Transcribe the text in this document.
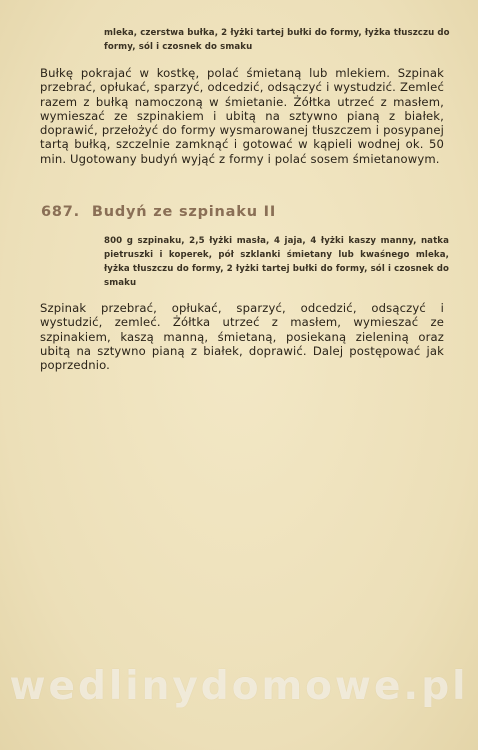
mleka, czerstwa bułka, 2 łyżki tartej bułki do formy, łyżka tłuszczu do formy, sól i czosnek do smaku
Bułkę pokrajać w kostkę, polać śmietaną lub mlekiem. Szpinak przebrać, opłukać, sparzyć, odcedzić, odsączyć i wystudzić. Zemleć razem z bułką namoczoną w śmietanie. Żółtka utrzeć z masłem, wymieszać ze szpinakiem i ubitą na sztywno pianą z białek, doprawić, przełożyć do formy wysmarowanej tłuszczem i posypanej tartą bułką, szczelnie zamknąć i gotować w kąpieli wodnej ok. 50 min. Ugotowany budyń wyjąć z formy i polać sosem śmietanowym.
687. Budyń ze szpinaku II
800 g szpinaku, 2,5 łyżki masła, 4 jaja, 4 łyżki kaszy manny, natka pietruszki i koperek, pół szklanki śmietany lub kwaśnego mleka, łyżka tłuszczu do formy, 2 łyżki tartej bułki do formy, sól i czosnek do smaku
Szpinak przebrać, opłukać, sparzyć, odcedzić, odsączyć i wystudzić, zemleć. Żółtka utrzeć z masłem, wymieszać ze szpinakiem, kaszą manną, śmietaną, posiekaną zieleniną oraz ubitą na sztywno pianą z białek, doprawić. Dalej postępować jak poprzednio.
wedlinydomowe.pl
